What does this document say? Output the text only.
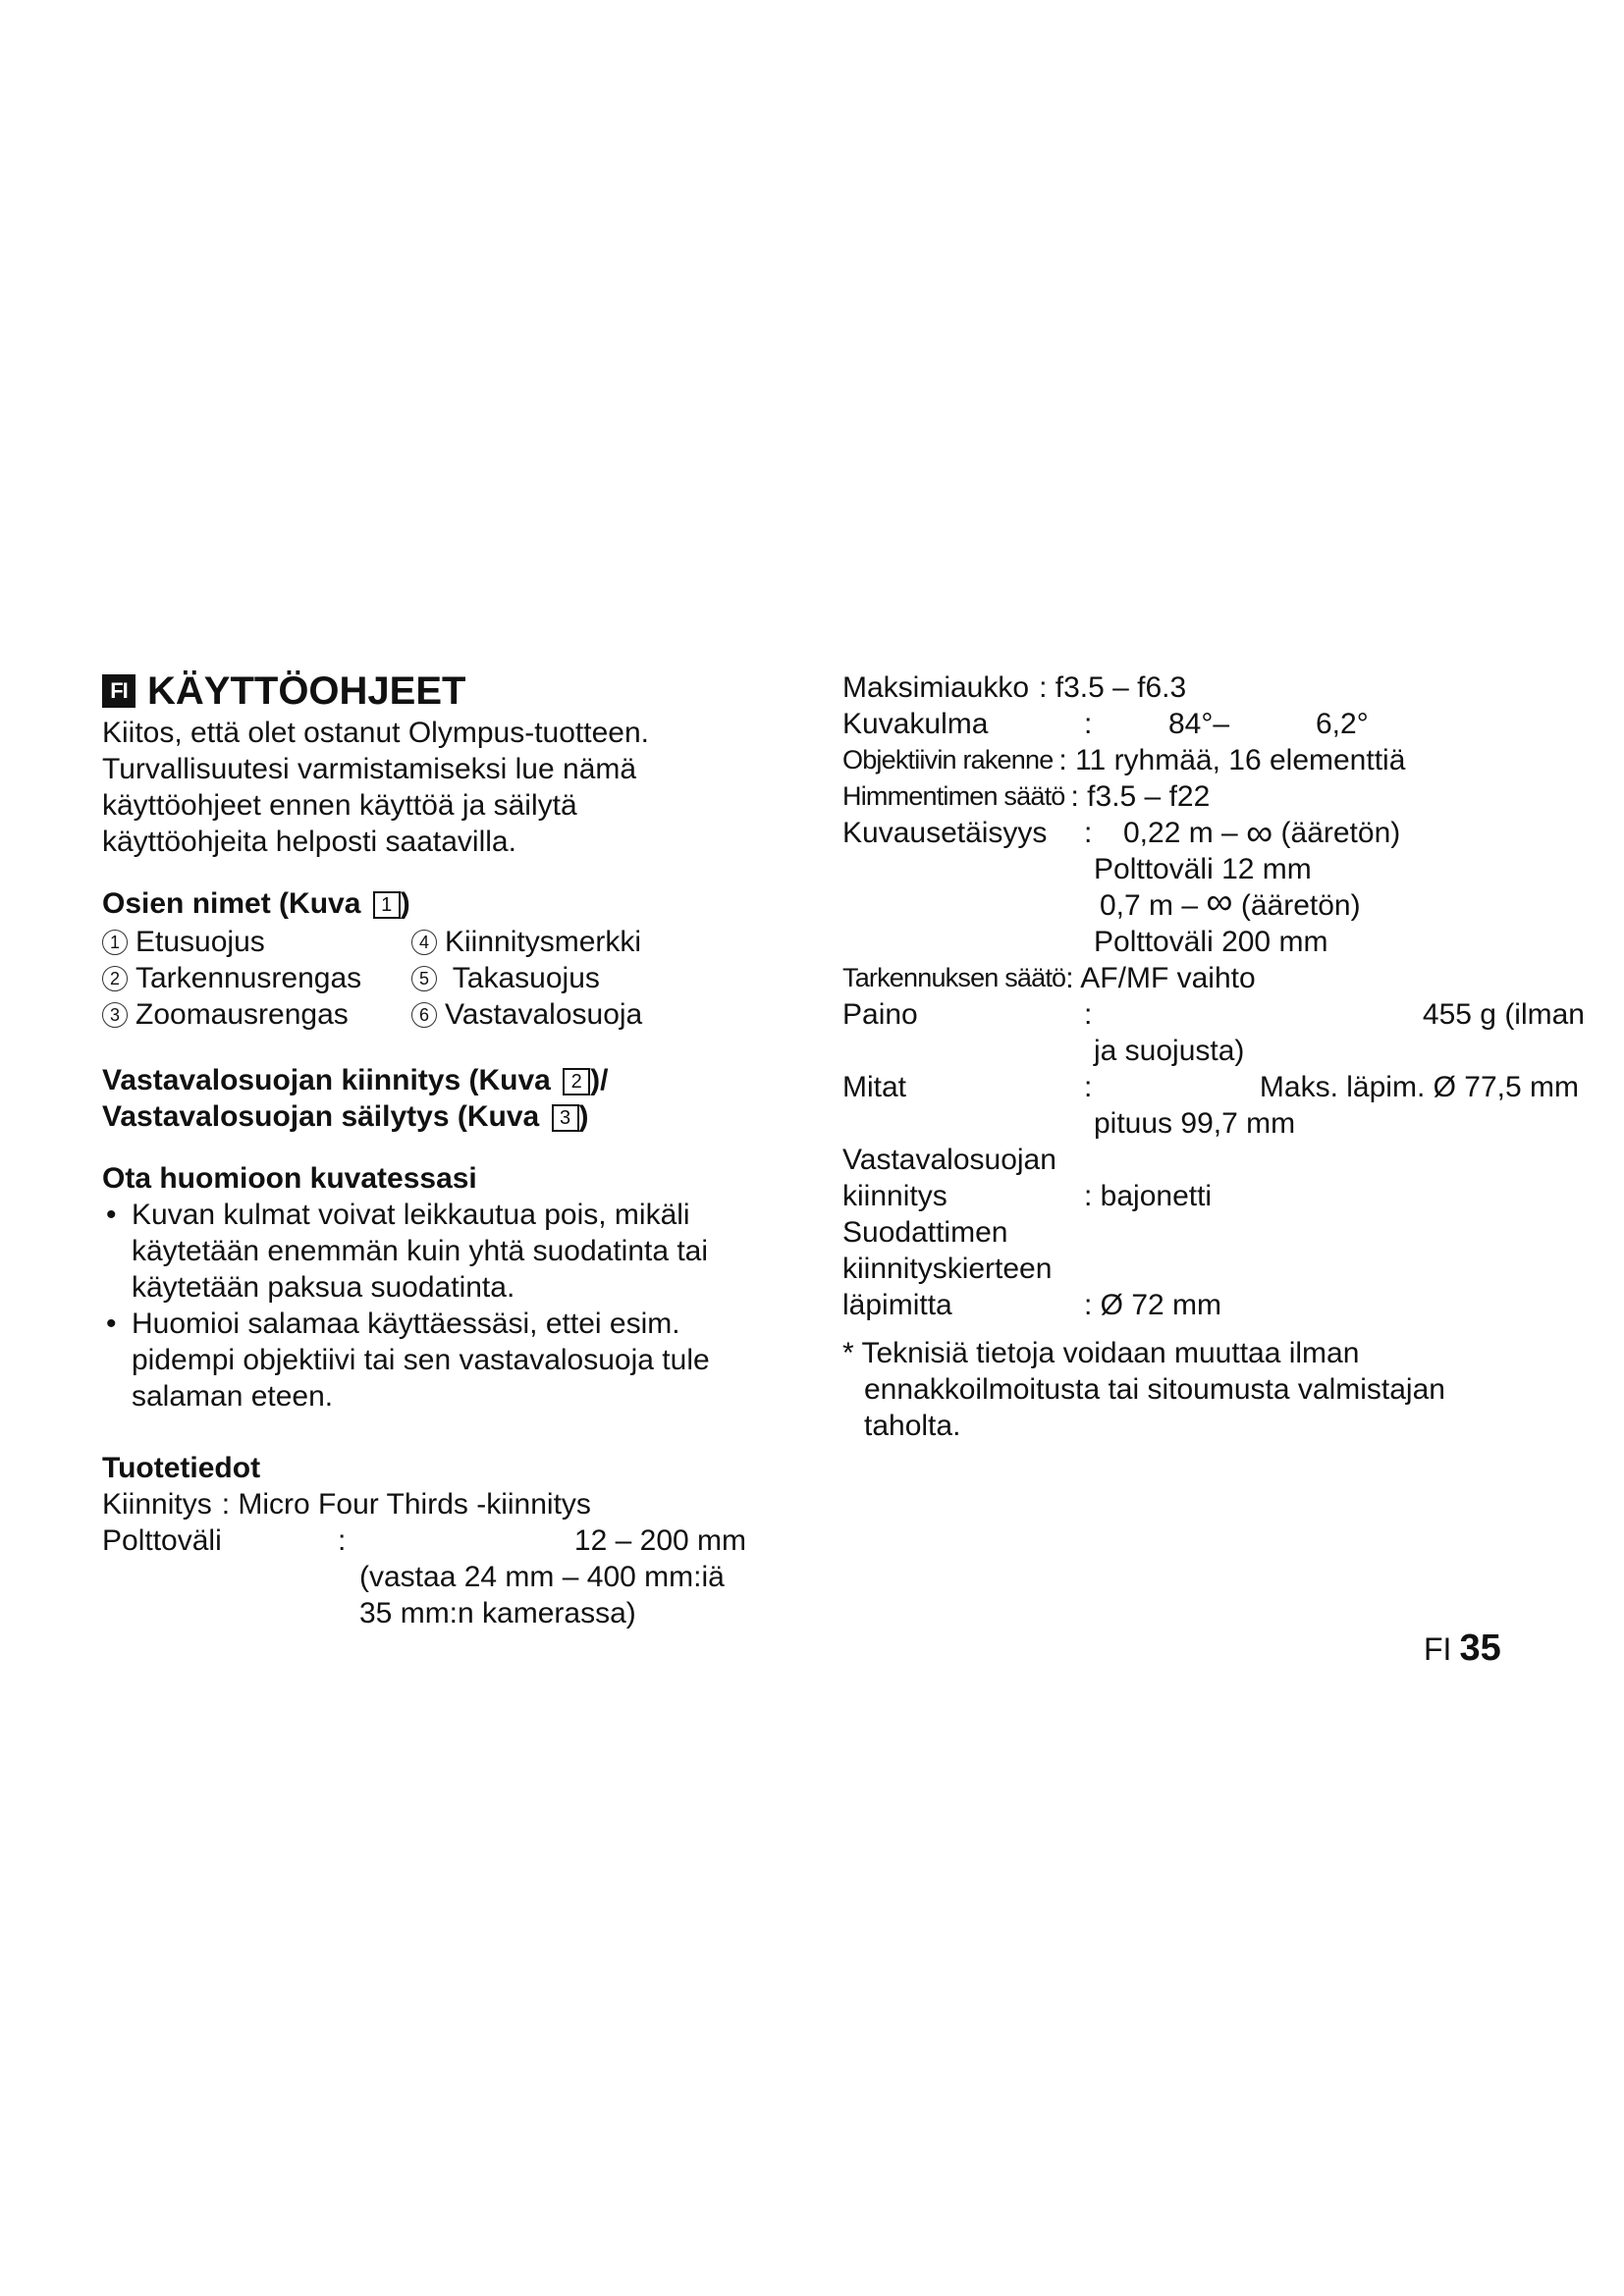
FI KÄYTTÖOHJEET
Kiitos, että olet ostanut Olympus-tuotteen.
Turvallisuutesi varmistamiseksi lue nämä
käyttöohjeet ennen käyttöä ja säilytä
käyttöohjeita helposti saatavilla.
Osien nimet (Kuva 1 )
1 Etusuojus	4 Kiinnitysmerkki
2 Tarkennusrengas	5 Takasuojus
3 Zoomausrengas	6 Vastavalosuoja
Vastavalosuojan kiinnitys (Kuva 2 )/
Vastavalosuojan säilytys (Kuva 3 )
Ota huomioon kuvatessasi
• Kuvan kulmat voivat leikkautua pois, mikäli käytetään enemmän kuin yhtä suodatinta tai käytetään paksua suodatinta.
• Huomioi salamaa käyttäessäsi, ettei esim. pidempi objektiivi tai sen vastavalosuoja tule salaman eteen.
Tuotetiedot
Kiinnitys : Micro Four Thirds -kiinnitys
Polttoväli	:	12 – 200 mm
(vastaa 24 mm – 400 mm:iä
35 mm:n kamerassa)
Maksimiaukko : f3.5 – f6.3
Kuvakulma	:	84°–	6,2°
Objektiivin rakenne : 11 ryhmää, 16 elementtiä
Himmentimen säätö : f3.5 – f22
Kuvausetäisyys	:	0,22 m – ∞ (ääretön)
Polttoväli 12 mm
0,7 m –
∞
(ääretön)
Polttoväli 200 mm
Tarkennuksen säätö : AF/MF vaihto
Paino	:	455 g (ilman
ja suojusta)
Mitat	:	Maks. läpim. Ø 77,5 mm
pituus 99,7 mm
Vastavalosuojan
kiinnitys	: bajonetti
Suodattimen
kiinnityskierteen
läpimitta	: Ø 72 mm
* Teknisiä tietoja voidaan muuttaa ilman
ennakkoilmoitusta tai sitoumusta valmistajan
taholta.
FI 35
